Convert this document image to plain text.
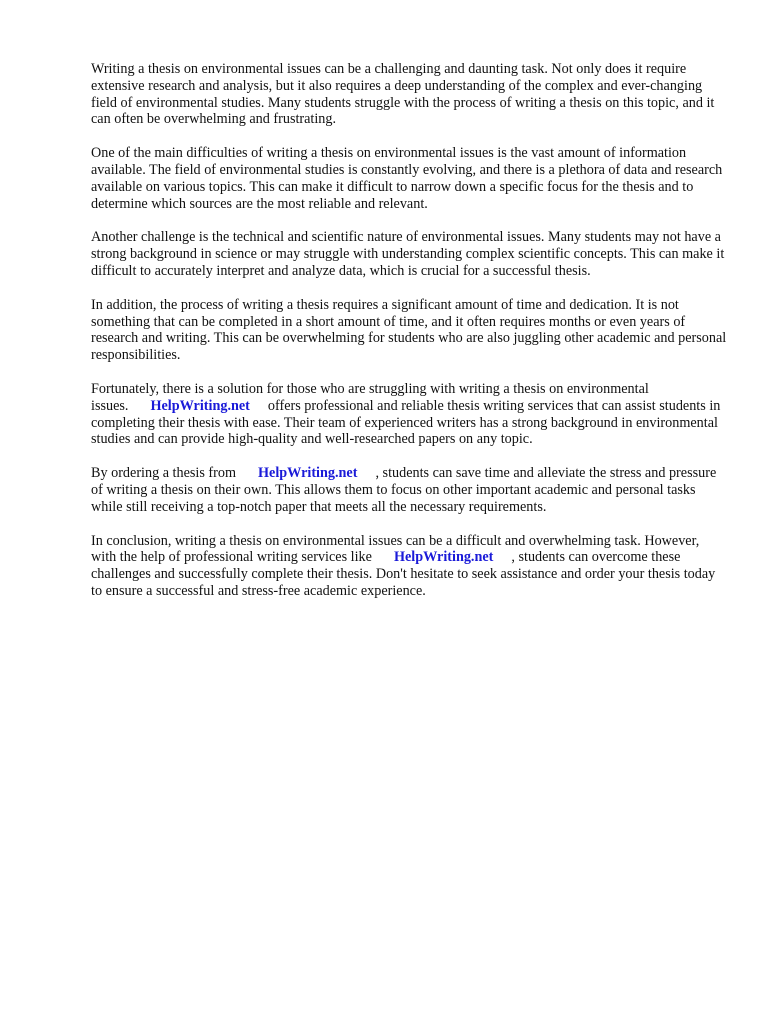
Writing a thesis on environmental issues can be a challenging and daunting task. Not only does it require extensive research and analysis, but it also requires a deep understanding of the complex and ever-changing field of environmental studies. Many students struggle with the process of writing a thesis on this topic, and it can often be overwhelming and frustrating.

One of the main difficulties of writing a thesis on environmental issues is the vast amount of information available. The field of environmental studies is constantly evolving, and there is a plethora of data and research available on various topics. This can make it difficult to narrow down a specific focus for the thesis and to determine which sources are the most reliable and relevant.

Another challenge is the technical and scientific nature of environmental issues. Many students may not have a strong background in science or may struggle with understanding complex scientific concepts. This can make it difficult to accurately interpret and analyze data, which is crucial for a successful thesis.

In addition, the process of writing a thesis requires a significant amount of time and dedication. It is not something that can be completed in a short amount of time, and it often requires months or even years of research and writing. This can be overwhelming for students who are also juggling other academic and personal responsibilities.

Fortunately, there is a solution for those who are struggling with writing a thesis on environmental issues. HelpWriting.net offers professional and reliable thesis writing services that can assist students in completing their thesis with ease. Their team of experienced writers has a strong background in environmental studies and can provide high-quality and well-researched papers on any topic.

By ordering a thesis from HelpWriting.net , students can save time and alleviate the stress and pressure of writing a thesis on their own. This allows them to focus on other important academic and personal tasks while still receiving a top-notch paper that meets all the necessary requirements.

In conclusion, writing a thesis on environmental issues can be a difficult and overwhelming task. However, with the help of professional writing services like HelpWriting.net , students can overcome these challenges and successfully complete their thesis. Don't hesitate to seek assistance and order your thesis today to ensure a successful and stress-free academic experience.
